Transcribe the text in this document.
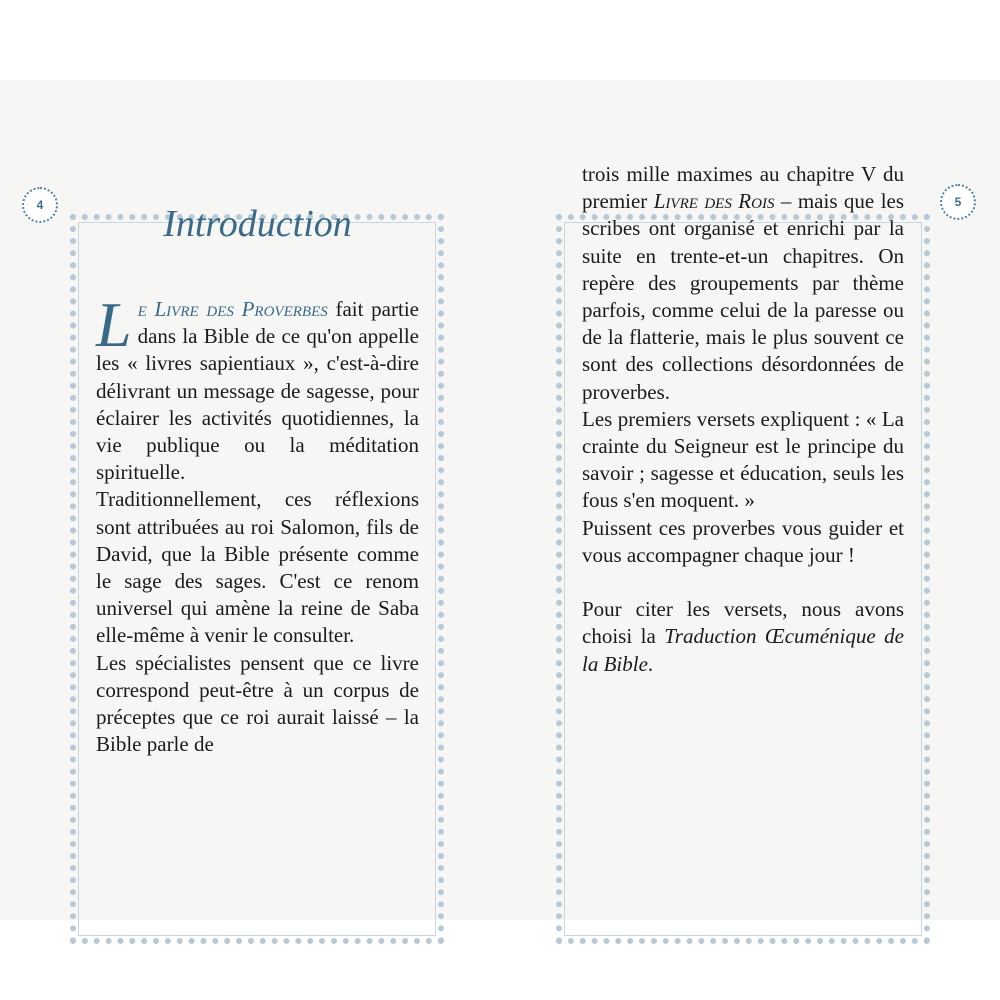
4	5
Introduction

Le Livre des Proverbes fait partie dans la Bible de ce qu'on appelle les « livres sapientiaux », c'est-à-dire délivrant un message de sagesse, pour éclairer les activités quotidiennes, la vie publique ou la méditation spirituelle.

Traditionnellement, ces réflexions sont attribuées au roi Salomon, fils de David, que la Bible présente comme le sage des sages. C'est ce renom universel qui amène la reine de Saba elle-même à venir le consulter.

Les spécialistes pensent que ce livre correspond peut-être à un corpus de préceptes que ce roi aurait laissé – la Bible parle de

trois mille maximes au chapitre V du premier Livre des Rois – mais que les scribes ont organisé et enrichi par la suite en trente-et-un chapitres. On repère des groupements par thème parfois, comme celui de la paresse ou de la flatterie, mais le plus souvent ce sont des collections désordonnées de proverbes.

Les premiers versets expliquent : « La crainte du Seigneur est le principe du savoir ; sagesse et éducation, seuls les fous s'en moquent. »

Puissent ces proverbes vous guider et vous accompagner chaque jour !

Pour citer les versets, nous avons choisi la Traduction Œcuménique de la Bible.
